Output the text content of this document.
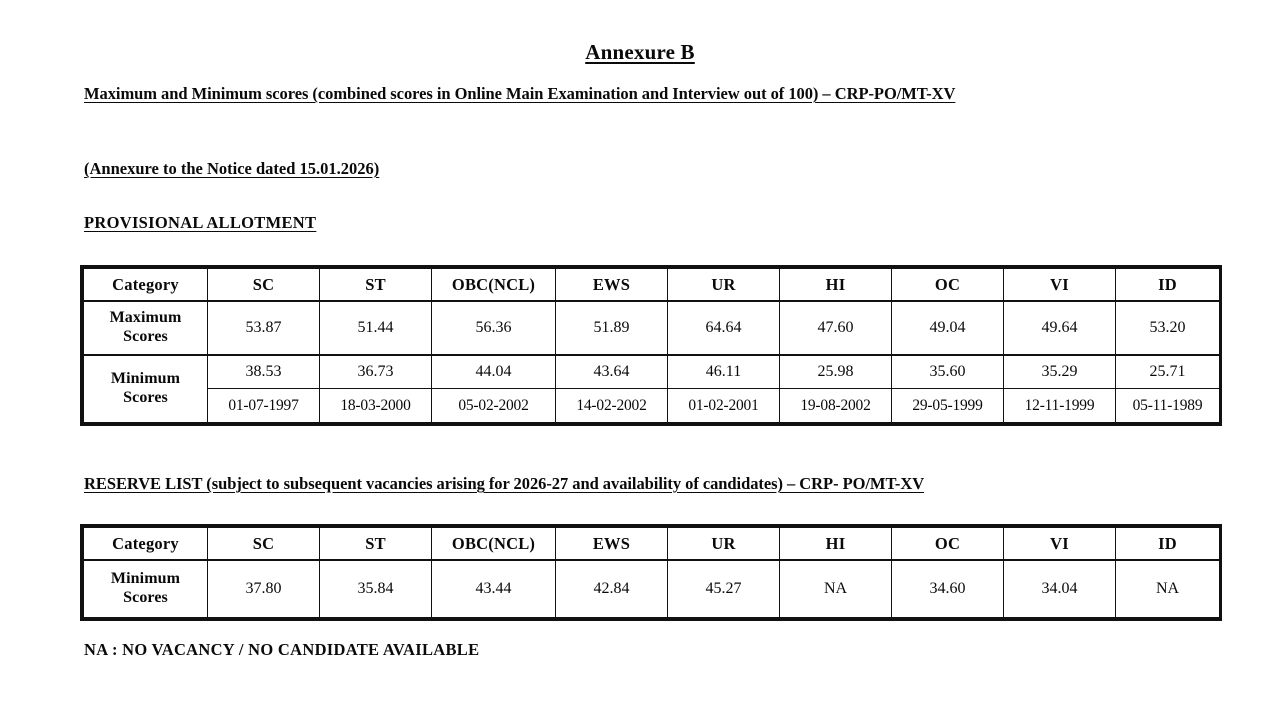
Annexure B
Maximum and Minimum scores (combined scores in Online Main Examination and Interview out of 100) – CRP-PO/MT-XV
(Annexure to the Notice dated 15.01.2026)
PROVISIONAL ALLOTMENT
Category	SC	ST	OBC(NCL)	EWS	UR	HI	OC	VI	ID
Maximum
Scores	53.87	51.44	56.36	51.89	64.64	47.60	49.04	49.64	53.20
Minimum
Scores	38.53	36.73	44.04	43.64	46.11	25.98	35.60	35.29	25.71
	01-07-1997	18-03-2000	05-02-2002	14-02-2002	01-02-2001	19-08-2002	29-05-1999	12-11-1999	05-11-1989
RESERVE LIST (subject to subsequent vacancies arising for 2026-27 and availability of candidates) – CRP- PO/MT-XV
Category	SC	ST	OBC(NCL)	EWS	UR	HI	OC	VI	ID
Minimum
Scores	37.80	35.84	43.44	42.84	45.27	NA	34.60	34.04	NA
NA : NO VACANCY / NO CANDIDATE AVAILABLE
